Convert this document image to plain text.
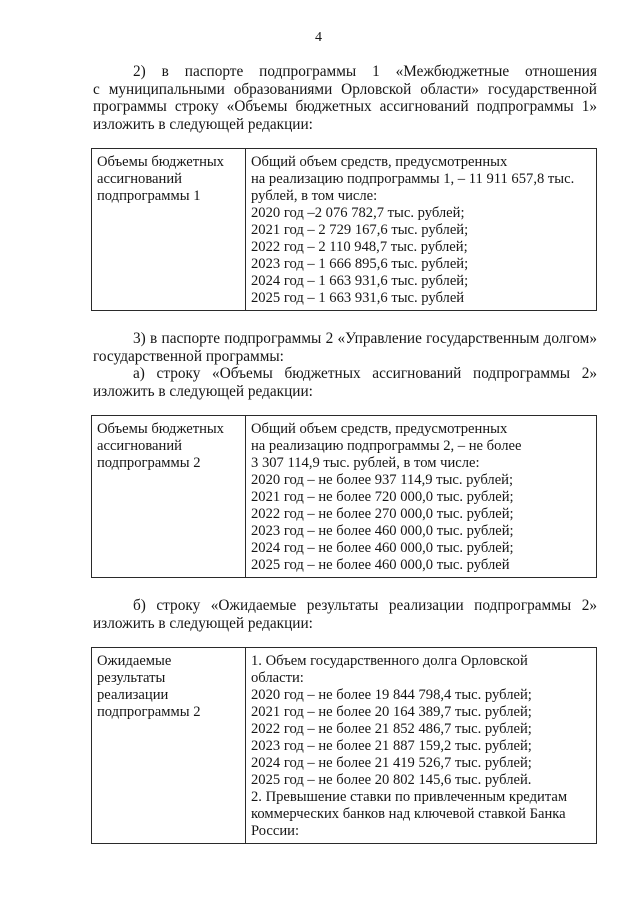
4
2) в паспорте подпрограммы 1 «Межбюджетные отношения
с муниципальными образованиями Орловской области» государственной
программы строку «Объемы бюджетных ассигнований подпрограммы 1»
изложить в следующей редакции:
Объемы бюджетных
ассигнований
подпрограммы 1

Общий объем средств, предусмотренных
на реализацию подпрограммы 1, – 11 911 657,8 тыс.
рублей, в том числе:
2020 год –2 076 782,7 тыс. рублей;
2021 год – 2 729 167,6 тыс. рублей;
2022 год – 2 110 948,7 тыс. рублей;
2023 год – 1 666 895,6 тыс. рублей;
2024 год – 1 663 931,6 тыс. рублей;
2025 год – 1 663 931,6 тыс. рублей
3) в паспорте подпрограммы 2 «Управление государственным долгом»
государственной программы:
а) строку «Объемы бюджетных ассигнований подпрограммы 2»
изложить в следующей редакции:
Объемы бюджетных
ассигнований
подпрограммы 2

Общий объем средств, предусмотренных
на реализацию подпрограммы 2, – не более
3 307 114,9 тыс. рублей, в том числе:
2020 год – не более 937 114,9 тыс. рублей;
2021 год – не более 720 000,0 тыс. рублей;
2022 год – не более 270 000,0 тыс. рублей;
2023 год – не более 460 000,0 тыс. рублей;
2024 год – не более 460 000,0 тыс. рублей;
2025 год – не более 460 000,0 тыс. рублей
б) строку «Ожидаемые результаты реализации подпрограммы 2»
изложить в следующей редакции:
Ожидаемые
результаты
реализации
подпрограммы 2

1. Объем государственного долга Орловской
области:
2020 год – не более 19 844 798,4 тыс. рублей;
2021 год – не более 20 164 389,7 тыс. рублей;
2022 год – не более 21 852 486,7 тыс. рублей;
2023 год – не более 21 887 159,2 тыс. рублей;
2024 год – не более 21 419 526,7 тыс. рублей;
2025 год – не более 20 802 145,6 тыс. рублей.
2. Превышение ставки по привлеченным кредитам
коммерческих банков над ключевой ставкой Банка
России:
